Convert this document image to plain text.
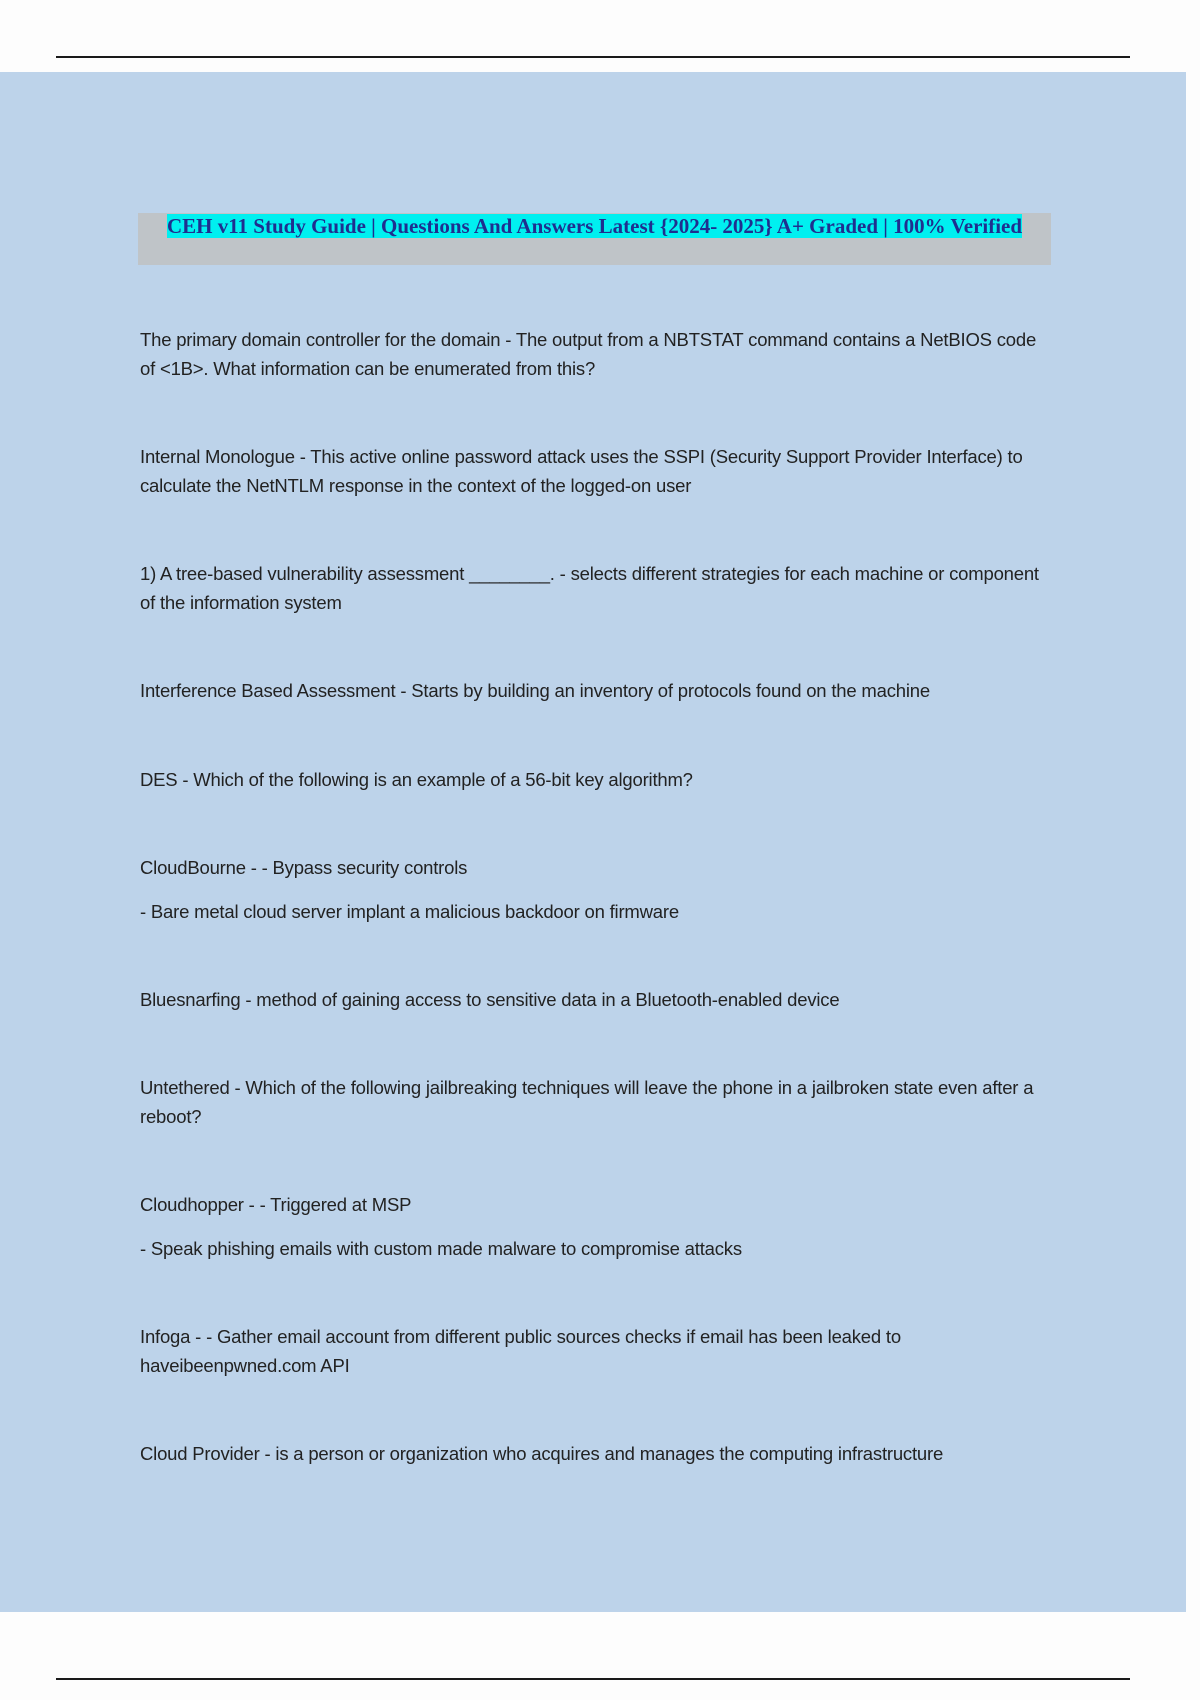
CEH v11 Study Guide | Questions And Answers Latest {2024- 2025} A+ Graded | 100% Verified

The primary domain controller for the domain - The output from a NBTSTAT command contains a NetBIOS code of <1B>. What information can be enumerated from this?

Internal Monologue - This active online password attack uses the SSPI (Security Support Provider Interface) to calculate the NetNTLM response in the context of the logged-on user

1) A tree-based vulnerability assessment ________. - selects different strategies for each machine or component of the information system

Interference Based Assessment - Starts by building an inventory of protocols found on the machine

DES - Which of the following is an example of a 56-bit key algorithm?

CloudBourne - - Bypass security controls

- Bare metal cloud server implant a malicious backdoor on firmware

Bluesnarfing - method of gaining access to sensitive data in a Bluetooth-enabled device

Untethered - Which of the following jailbreaking techniques will leave the phone in a jailbroken state even after a reboot?

Cloudhopper - - Triggered at MSP

- Speak phishing emails with custom made malware to compromise attacks

Infoga - - Gather email account from different public sources checks if email has been leaked to haveibeenpwned.com API

Cloud Provider - is a person or organization who acquires and manages the computing infrastructure
